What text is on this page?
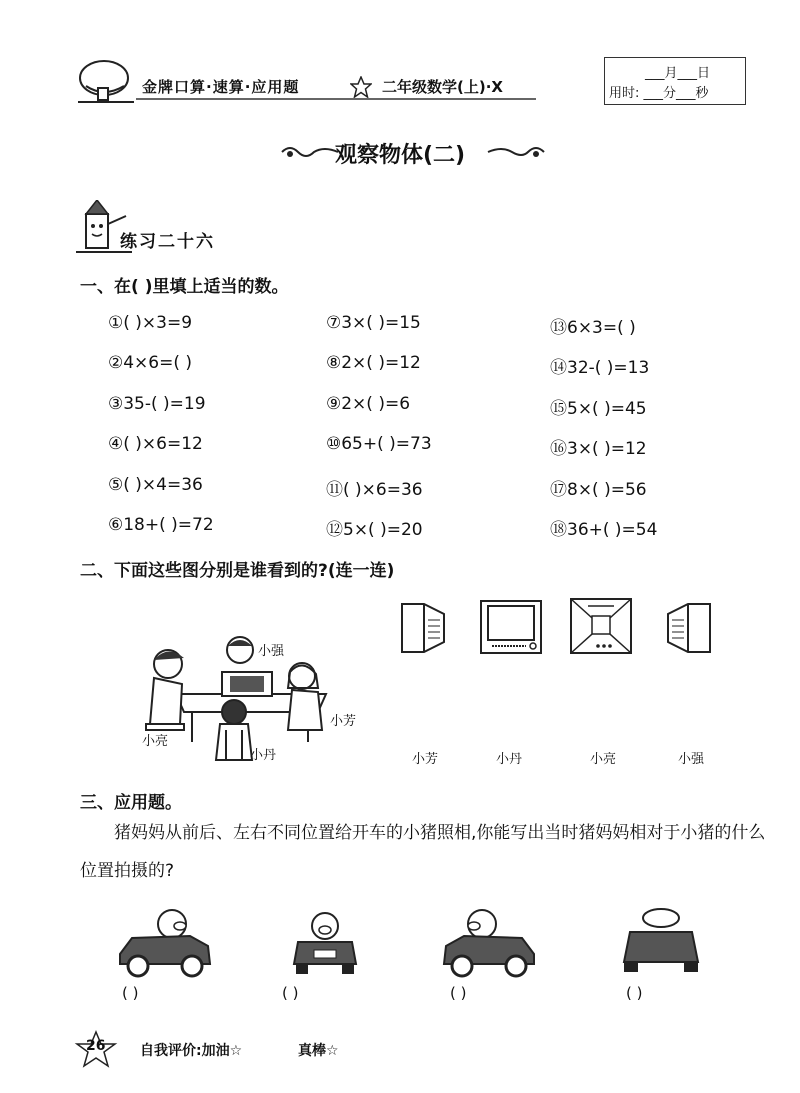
金牌口算·速算·应用题	二年级数学(上)·X
___月___日
用时: ___分___秒
观察物体(二)
练习二十六
一、在( )里填上适当的数。
①( )×3=9
②4×6=( )
③35-( )=19
④( )×6=12
⑤( )×4=36
⑥18+( )=72
⑦3×( )=15
⑧2×( )=12
⑨2×( )=6
⑩65+( )=73
⑪( )×6=36
⑫5×( )=20
⑬6×3=( )
⑭32-( )=13
⑮5×( )=45
⑯3×( )=12
⑰8×( )=56
⑱36+( )=54
二、下面这些图分别是谁看到的?(连一连)
小强
小芳
小亮
小丹	小芳	小丹	小亮	小强
三、应用题。
猪妈妈从前后、左右不同位置给开车的小猪照相,你能写出当时猪妈妈相对于小猪的什么位置拍摄的?
( )	( )	( )	( )
26 自我评价:加油☆	真棒☆
